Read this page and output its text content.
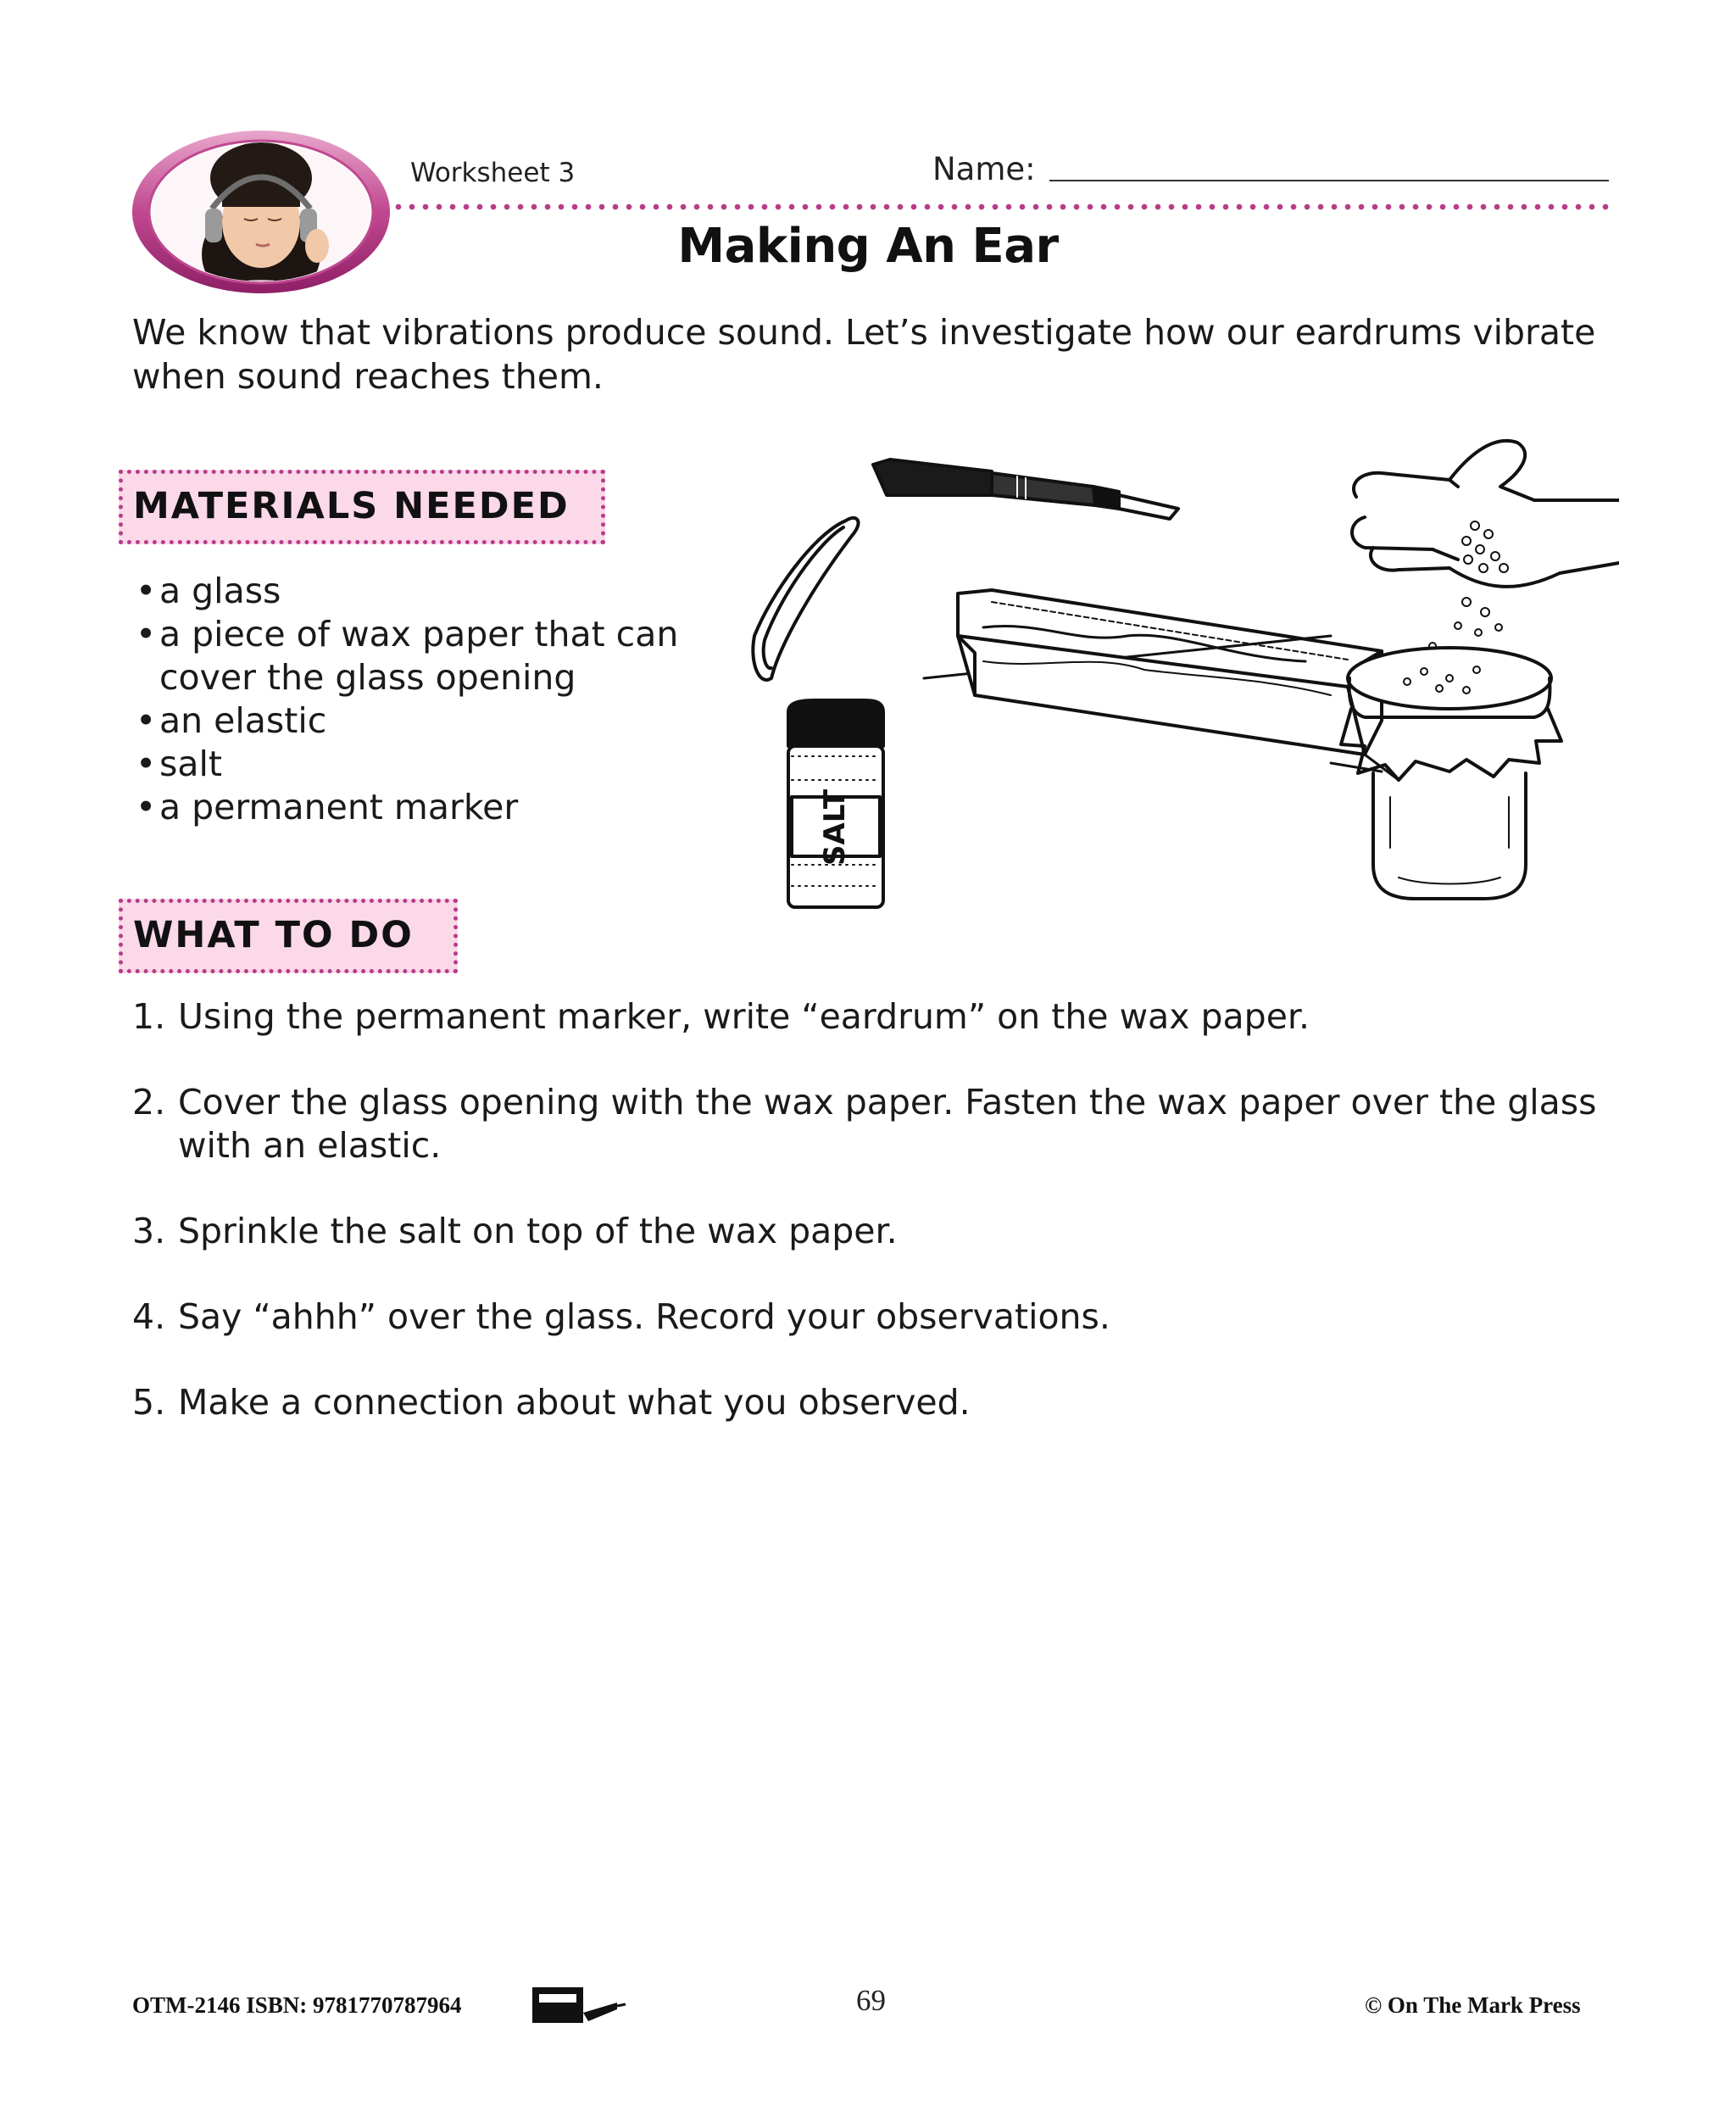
Worksheet 3	Name:
Making An Ear
We know that vibrations produce sound. Let’s investigate how our eardrums vibrate when sound reaches them.
MATERIALS NEEDED
• a glass
• a piece of wax paper that can cover the glass opening
• an elastic
• salt
• a permanent marker	SALT
WHAT TO DO
1. Using the permanent marker, write “eardrum” on the wax paper.
2. Cover the glass opening with the wax paper. Fasten the wax paper over the glass with an elastic.
3. Sprinkle the salt on top of the wax paper.
4. Say “ahhh” over the glass. Record your observations.
5. Make a connection about what you observed.
OTM-2146 ISBN: 9781770787964	69	© On The Mark Press
